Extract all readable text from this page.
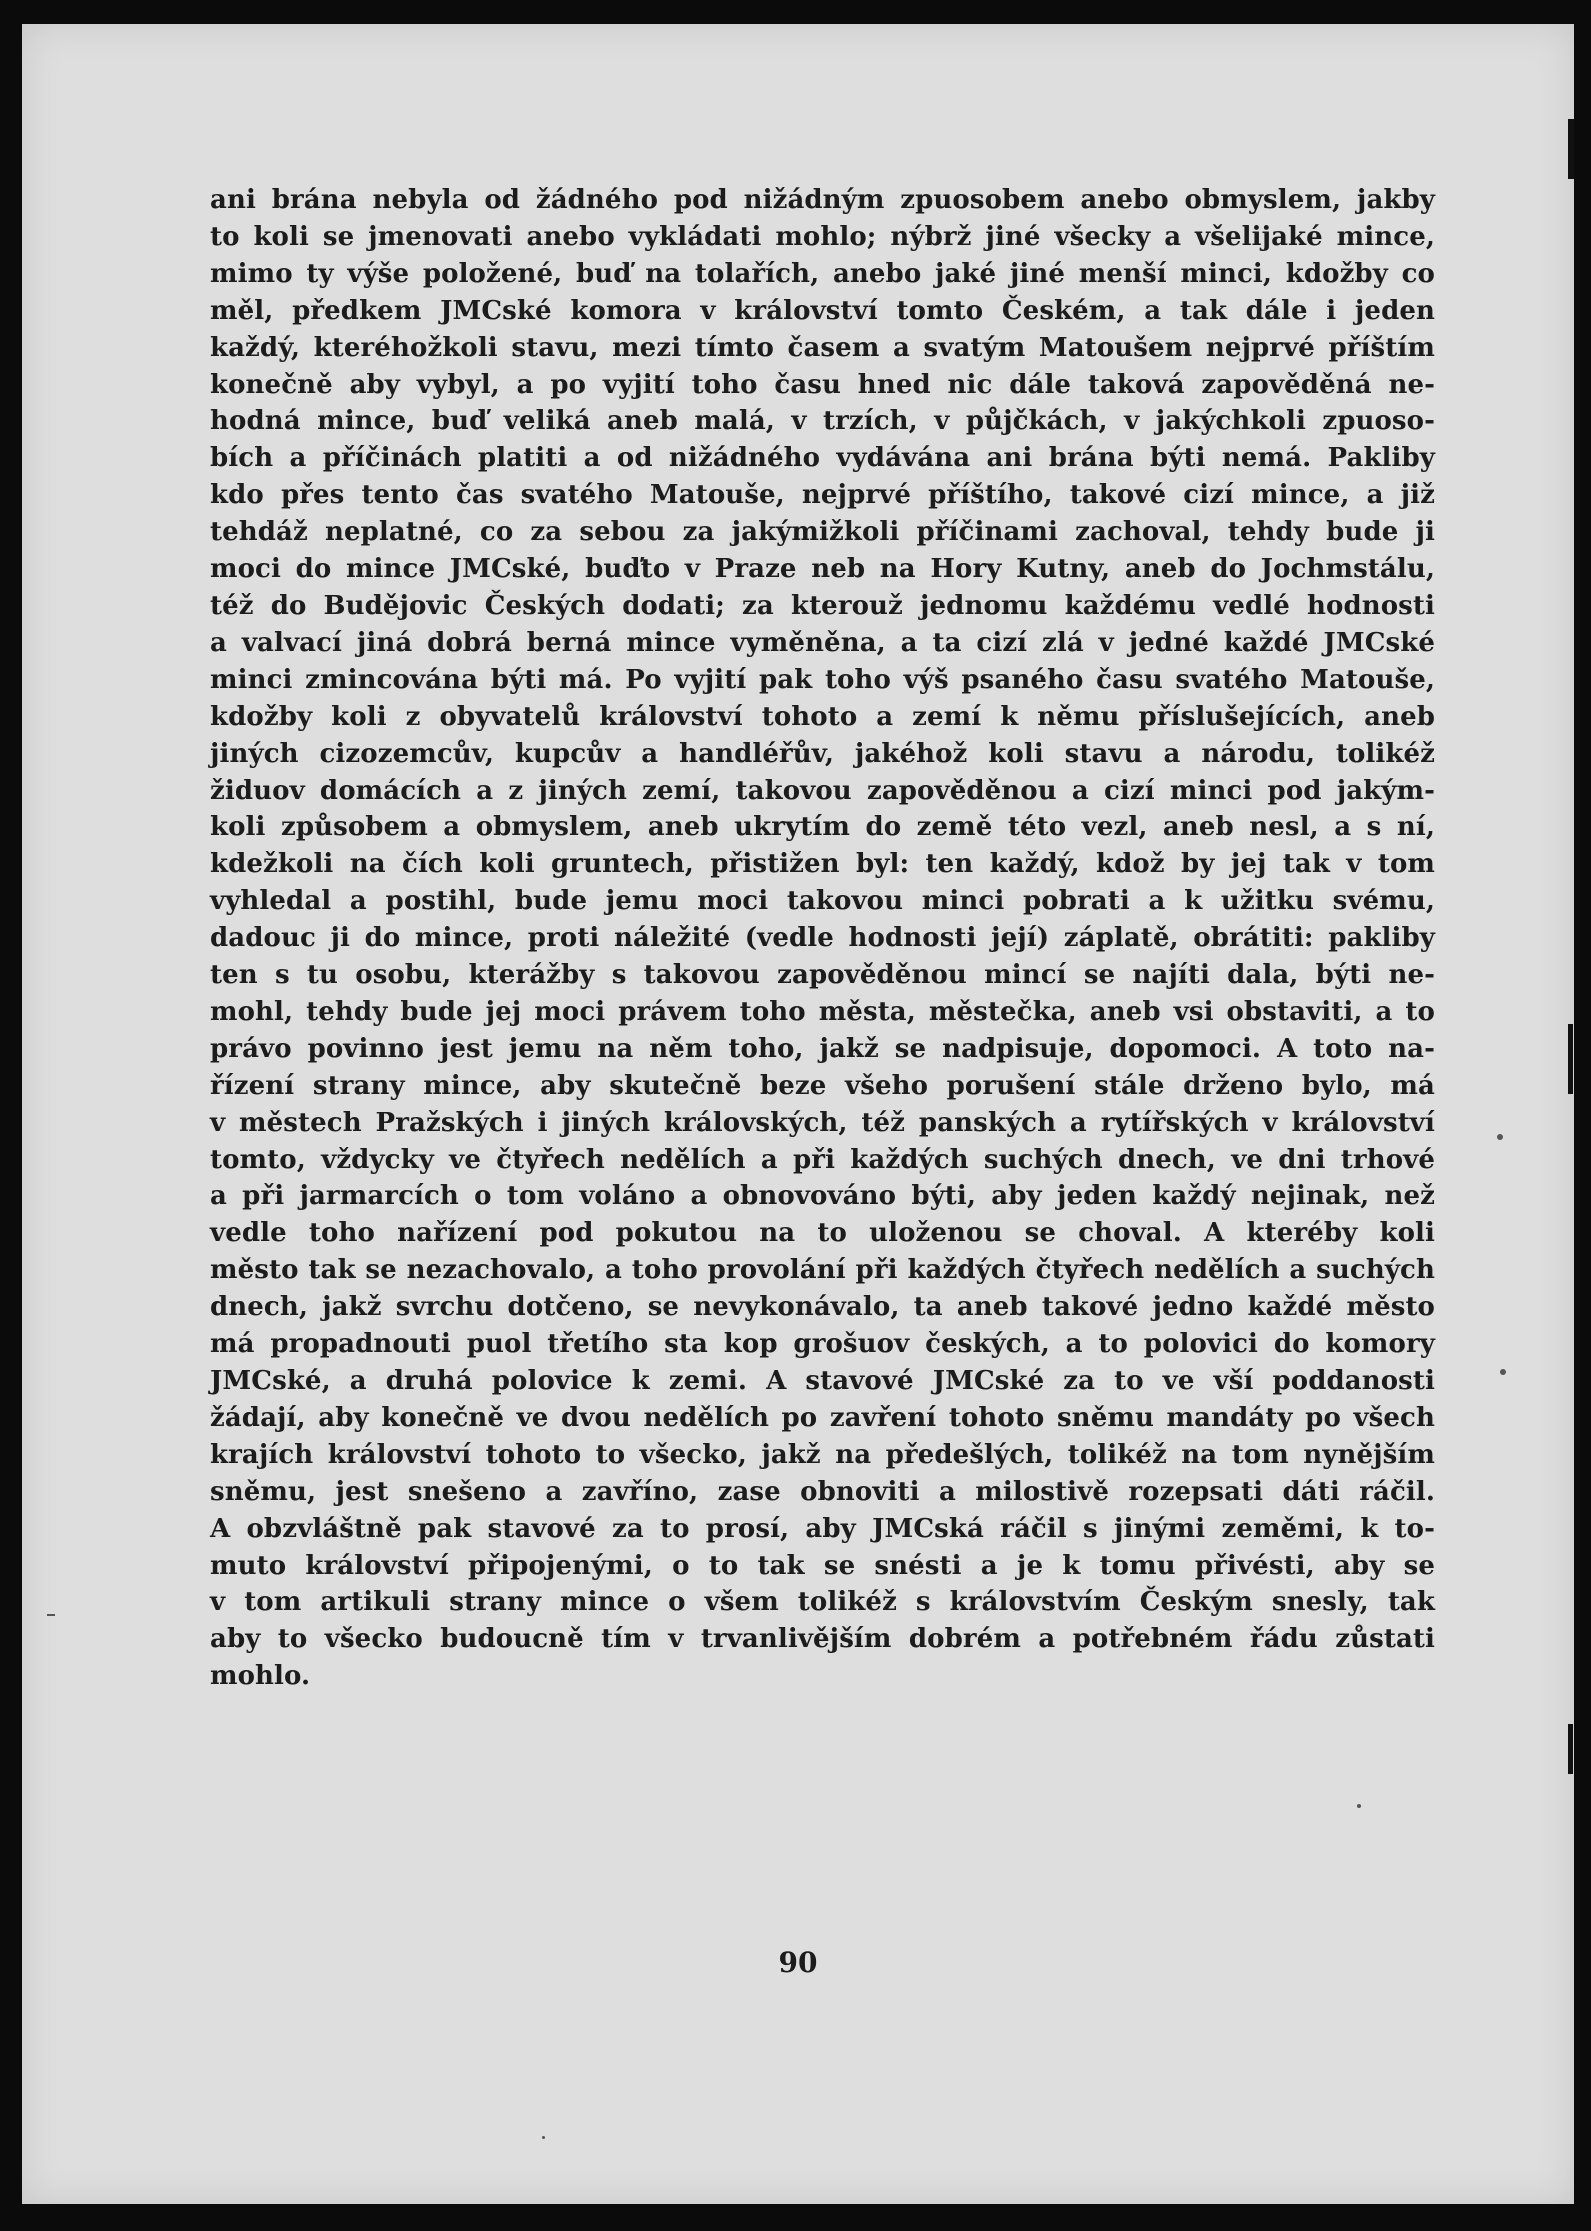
ani brána nebyla od žádného pod nižádným zpuosobem anebo obmyslem, jakby
to koli se jmenovati anebo vykládati mohlo; nýbrž jiné všecky a všelijaké mince,
mimo ty výše položené, buď na tolařích, anebo jaké jiné menší minci, kdožby co
měl, předkem JMCské komora v království tomto Českém, a tak dále i jeden
každý, kteréhožkoli stavu, mezi tímto časem a svatým Matoušem nejprvé příštím
konečně aby vybyl, a po vyjití toho času hned nic dále taková zapověděná ne-
hodná mince, buď veliká aneb malá, v trzích, v půjčkách, v jakýchkoli zpuoso-
bích a příčinách platiti a od nižádného vydávána ani brána býti nemá. Pakliby
kdo přes tento čas svatého Matouše, nejprvé příštího, takové cizí mince, a již
tehdáž neplatné, co za sebou za jakýmižkoli příčinami zachoval, tehdy bude ji
moci do mince JMCské, buďto v Praze neb na Hory Kutny, aneb do Jochmstálu,
též do Budějovic Českých dodati; za kterouž jednomu každému vedlé hodnosti
a valvací jiná dobrá berná mince vyměněna, a ta cizí zlá v jedné každé JMCské
minci zmincována býti má. Po vyjití pak toho výš psaného času svatého Matouše,
kdožby koli z obyvatelů království tohoto a zemí k němu příslušejících, aneb
jiných cizozemcův, kupcův a handléřův, jakéhož koli stavu a národu, tolikéž
židuov domácích a z jiných zemí, takovou zapověděnou a cizí minci pod jakým-
koli způsobem a obmyslem, aneb ukrytím do země této vezl, aneb nesl, a s ní,
kdežkoli na čích koli gruntech, přistižen byl: ten každý, kdož by jej tak v tom
vyhledal a postihl, bude jemu moci takovou minci pobrati a k užitku svému,
dadouc ji do mince, proti náležité (vedle hodnosti její) záplatě, obrátiti: pakliby
ten s tu osobu, kterážby s takovou zapověděnou mincí se najíti dala, býti ne-
mohl, tehdy bude jej moci právem toho města, městečka, aneb vsi obstaviti, a to
právo povinno jest jemu na něm toho, jakž se nadpisuje, dopomoci. A toto na-
řízení strany mince, aby skutečně beze všeho porušení stále drženo bylo, má
v městech Pražských i jiných královských, též panských a rytířských v království
tomto, vždycky ve čtyřech nedělích a při každých suchých dnech, ve dni trhové
a při jarmarcích o tom voláno a obnovováno býti, aby jeden každý nejinak, než
vedle toho nařízení pod pokutou na to uloženou se choval. A kteréby koli
město tak se nezachovalo, a toho provolání při každých čtyřech nedělích a suchých
dnech, jakž svrchu dotčeno, se nevykonávalo, ta aneb takové jedno každé město
má propadnouti puol třetího sta kop grošuov českých, a to polovici do komory
JMCské, a druhá polovice k zemi. A stavové JMCské za to ve vší poddanosti
žádají, aby konečně ve dvou nedělích po zavření tohoto sněmu mandáty po všech
krajích království tohoto to všecko, jakž na předešlých, tolikéž na tom nynějším
sněmu, jest snešeno a zavříno, zase obnoviti a milostivě rozepsati dáti ráčil.
A obzvláštně pak stavové za to prosí, aby JMCská ráčil s jinými zeměmi, k to-
muto království připojenými, o to tak se snésti a je k tomu přivésti, aby se
v tom artikuli strany mince o všem tolikéž s královstvím Českým snesly, tak
aby to všecko budoucně tím v trvanlivějším dobrém a potřebném řádu zůstati
mohlo.
90
